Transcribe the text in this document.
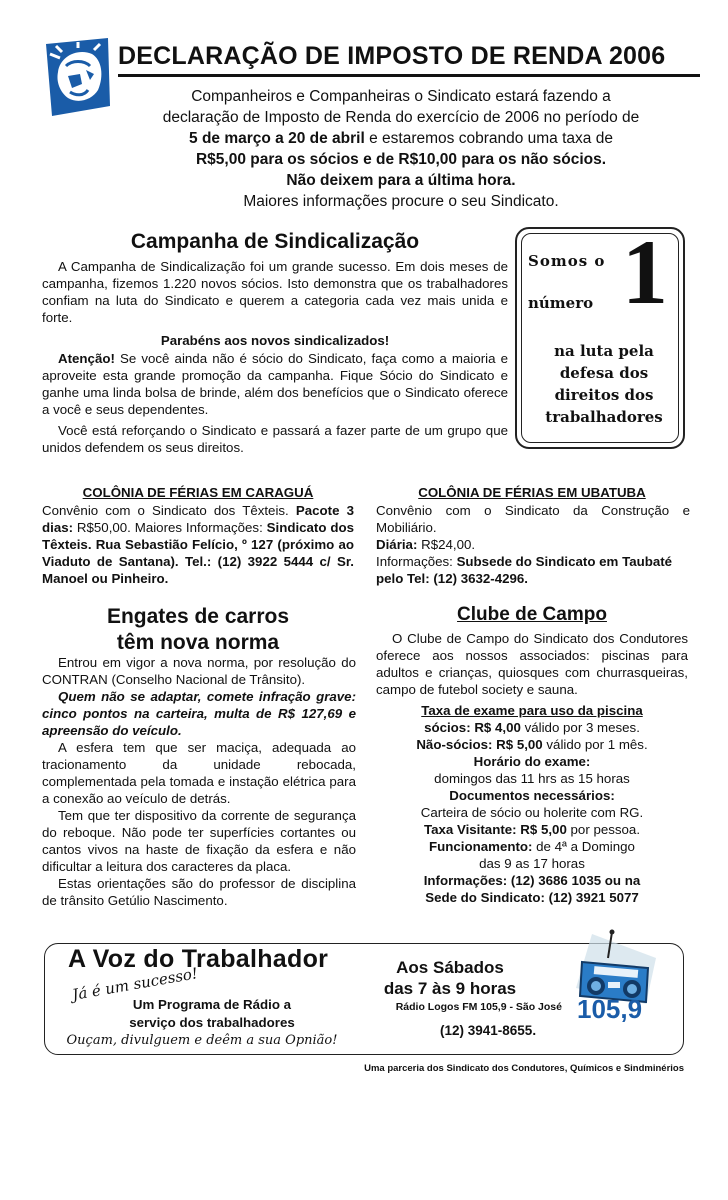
DECLARAÇÃO DE IMPOSTO DE RENDA 2006
Companheiros e Companheiras o Sindicato estará fazendo a
declaração de Imposto de Renda do exercício de 2006 no período de
5 de março a 20 de abril e estaremos cobrando uma taxa de
R$5,00 para os sócios e de R$10,00 para os não sócios.
Não deixem para a última hora.
Maiores informações procure o seu Sindicato.
Campanha de Sindicalização

A Campanha de Sindicalização foi um grande sucesso. Em dois meses de campanha, fizemos 1.220 novos sócios. Isto demonstra que os trabalhadores confiam na luta do Sindicato e querem a categoria cada vez mais unida e forte.

Parabéns aos novos sindicalizados!

Atenção! Se você ainda não é sócio do Sindicato, faça como a maioria e aproveite esta grande promoção da campanha. Fique Sócio do Sindicato e ganhe uma linda bolsa de brinde, além dos benefícios que o Sindicato oferece a você e seus dependentes.

Você está reforçando o Sindicato e passará a fazer parte de um grupo que unidos defendem os seus direitos.

Somos o
número 1
na luta pela
defesa dos
direitos dos
trabalhadores
COLÔNIA DE FÉRIAS EM CARAGUÁ

Convênio com o Sindicato dos Têxteis. Pacote 3 dias: R$50,00. Maiores Informações: Sindicato dos Têxteis. Rua Sebastião Felício, º 127 (próximo ao Viaduto de Santana). Tel.: (12) 3922 5444 c/ Sr. Manoel ou Pinheiro.

COLÔNIA DE FÉRIAS EM UBATUBA

Convênio com o Sindicato da Construção e Mobiliário.

Diária: R$24,00.

Informações: Subsede do Sindicato em Taubaté pelo Tel: (12) 3632-4296.

Engates de carros
têm nova norma

Entrou em vigor a nova norma, por resolução do CONTRAN (Conselho Nacional de Trânsito).

Quem não se adaptar, comete infração grave: cinco pontos na carteira, multa de R$ 127,69 e apreensão do veículo.

A esfera tem que ser maciça, adequada ao tracionamento da unidade rebocada, complementada pela tomada e instação elétrica para a conexão ao veículo de detrás.

Tem que ter dispositivo da corrente de segurança do reboque. Não pode ter superfícies cortantes ou cantos vivos na haste de fixação da esfera e não dificultar a leitura dos caracteres da placa.

Estas orientações são do professor de disciplina de trânsito Getúlio Nascimento.

Clube de Campo

O Clube de Campo do Sindicato dos Condutores oferece aos nossos associados: piscinas para adultos e crianças, quiosques com churrasqueiras, campo de futebol society e sauna.

Taxa de exame para uso da piscina
sócios: R$ 4,00 válido por 3 meses.
Não-sócios: R$ 5,00 válido por 1 mês.
Horário do exame:
domingos das 11 hrs as 15 horas
Documentos necessários:
Carteira de sócio ou holerite com RG.
Taxa Visitante: R$ 5,00 por pessoa.
Funcionamento: de 4ª a Domingo
das 9 as 17 horas
Informações: (12) 3686 1035 ou na
Sede do Sindicato: (12) 3921 5077
A Voz do Trabalhador
Já é um sucesso!
Um Programa de Rádio a
serviço dos trabalhadores
Ouçam, divulguem e deêm a sua Opnião!
Aos Sábados
das 7 às 9 horas
Rádio Logos FM 105,9 - São José
(12) 3941-8655.
105,9
Uma parceria dos Sindicato dos Condutores, Químicos e Sindminérios
